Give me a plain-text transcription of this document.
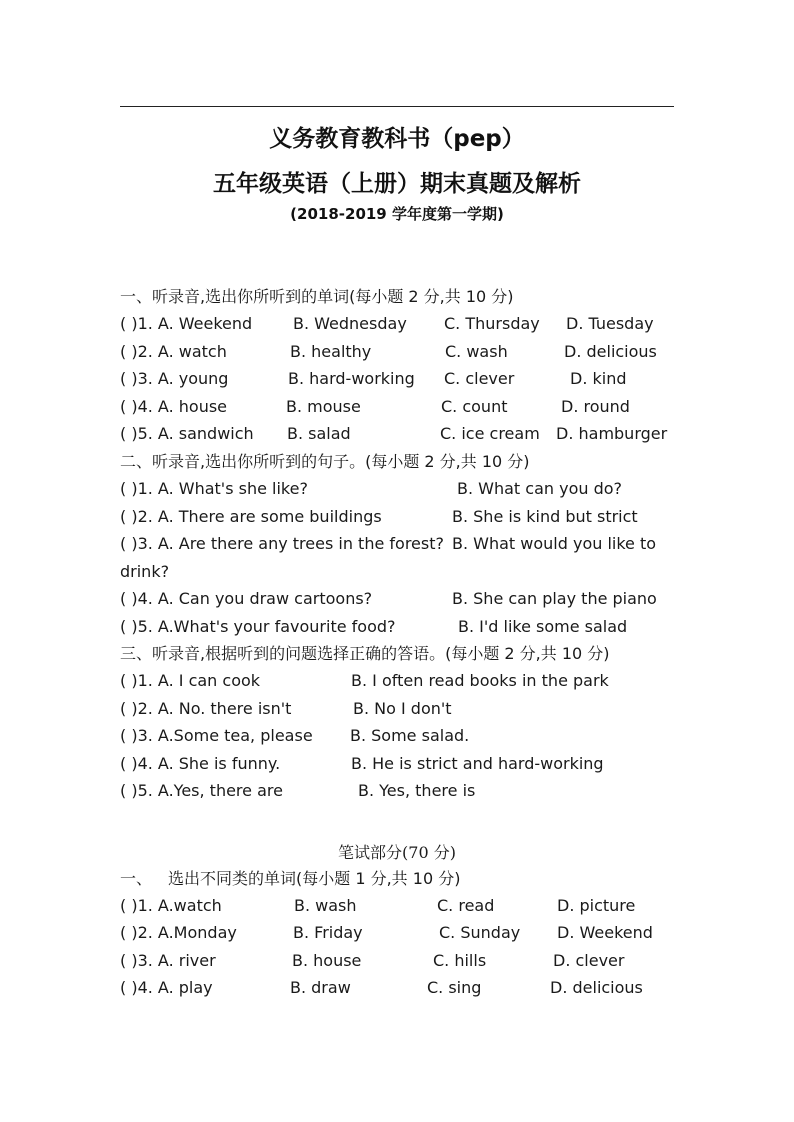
义务教育教科书（pep）
五年级英语（上册）期末真题及解析
(2018-2019 学年度第一学期)
一、听录音,选出你所听到的单词(每小题 2 分,共 10 分)
( )1. A. Weekend	B. Wednesday C. Thursday D. Tuesday
( )2. A. watch	B. healthy	C. wash	D. delicious
( )3. A. young	B. hard-working C. clever	D. kind
( )4. A. house	B. mouse	C. count	D. round
( )5. A. sandwich B. salad	C. ice cream D. hamburger
二、听录音,选出你所听到的句子。(每小题 2 分,共 10 分)
( )1. A. What's she like?	B. What can you do?
( )2. A. There are some buildings	B. She is kind but strict
( )3. A. Are there any trees in the forest? B. What would you like to
drink?
( )4. A. Can you draw cartoons?	B. She can play the piano
( )5. A.What's your favourite food?	B. I'd like some salad
三、听录音,根据听到的问题选择正确的答语。(每小题 2 分,共 10 分)
( )1. A. I can cook	B. I often read books in the park
( )2. A. No. there isn't	B. No I don't
( )3. A.Some tea, please B. Some salad.
( )4. A. She is funny.	B. He is strict and hard-working
( )5. A.Yes, there are	B. Yes, there is
笔试部分(70 分)
一、 选出不同类的单词(每小题 1 分,共 10 分)
( )1. A.watch	B. wash	C. read	D. picture
( )2. A.Monday	B. Friday	C. Sunday D. Weekend
( )3. A. river	B. house	C. hills	D. clever
( )4. A. play	B. draw	C. sing	D. delicious
